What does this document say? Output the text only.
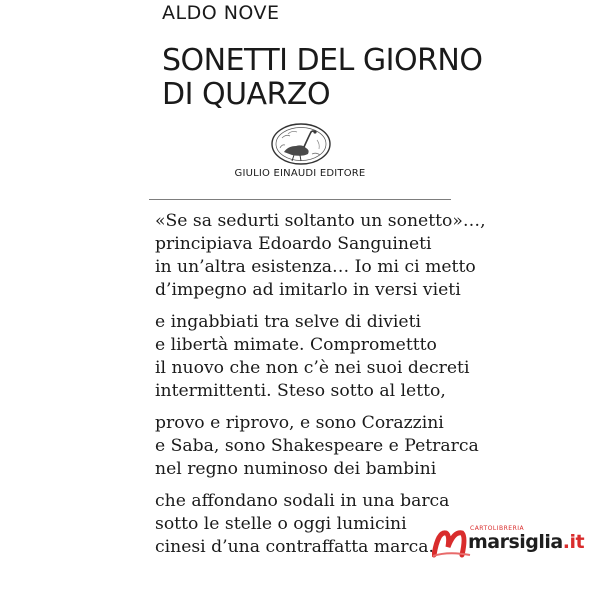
ALDO NOVE
SONETTI DEL GIORNO
DI QUARZO
GIULIO EINAUDI EDITORE
«Se sa sedurti soltanto un sonetto»…,
principiava Edoardo Sanguineti
in un’altra esistenza… Io mi ci metto
d’impegno ad imitarlo in versi vieti
e ingabbiati tra selve di divieti
e libertà mimate. Compromettto
il nuovo che non c’è nei suoi decreti
intermittenti. Steso sotto al letto,
provo e riprovo, e sono Corazzini
e Saba, sono Shakespeare e Petrarca
nel regno numinoso dei bambini
che affondano sodali in una barca
sotto le stelle o oggi lumicini
cinesi d’una contraffatta marca.
CARTOLIBRERIA
marsiglia.it
